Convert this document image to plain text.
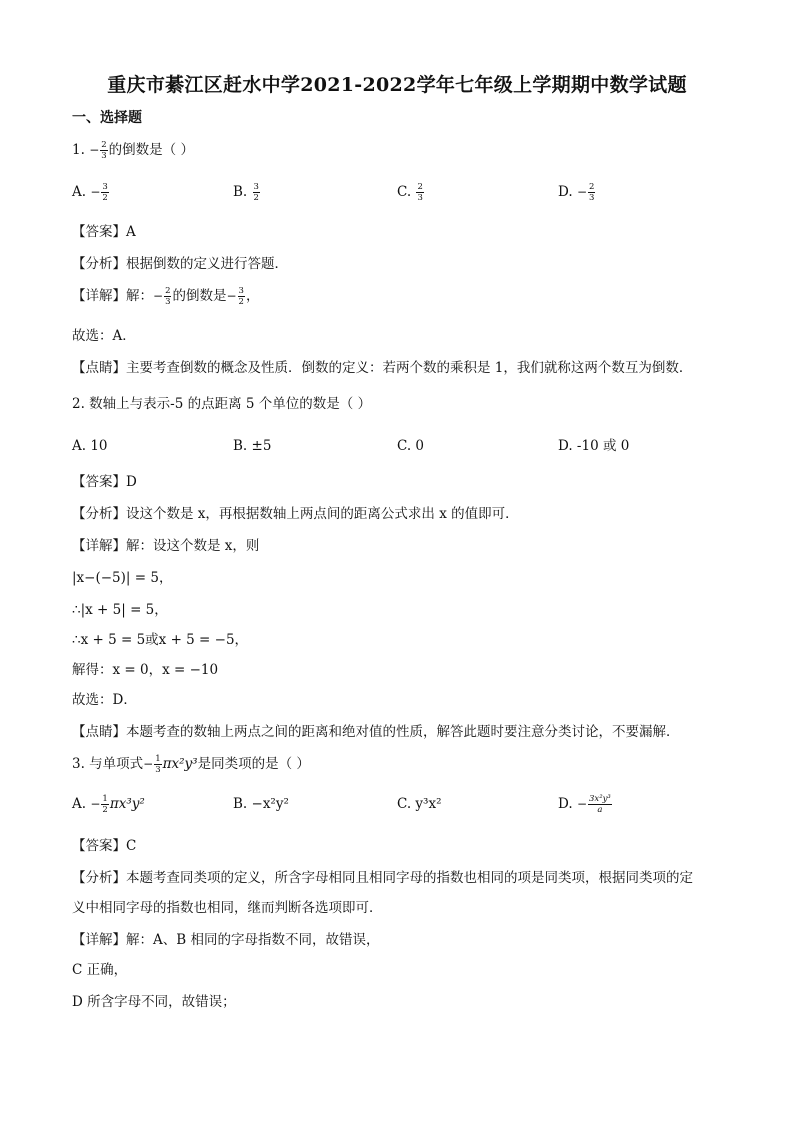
重庆市綦江区赶水中学2021-2022学年七年级上学期期中数学试题
一、选择题
1. − $\frac{2}{3}$ 的倒数是（ ）
A. − $\frac{3}{2}$	B. $\frac{3}{2}$	C. $\frac{2}{3}$	D. − $\frac{2}{3}$
【答案】A
【分析】根据倒数的定义进行答题．
【详解】解：− $\frac{2}{3}$ 的倒数是− $\frac{3}{2}$ ，
故选：A．
【点睛】主要考查倒数的概念及性质．倒数的定义：若两个数的乘积是 1，我们就称这两个数互为倒数．
2. 数轴上与表示-5 的点距离 5 个单位的数是（ ）
A. 10	B. ±5	C. 0	D. -10 或 0
【答案】D
【分析】设这个数是 x，再根据数轴上两点间的距离公式求出 x 的值即可．
【详解】解：设这个数是 x，则
|x−(−5)| = 5，
∴|x + 5| = 5，
∴x + 5 = 5或x + 5 = −5，
解得：x = 0，x = −10
故选：D．
【点睛】本题考查的数轴上两点之间的距离和绝对值的性质，解答此题时要注意分类讨论，不要漏解．
3. 与单项式− $\frac{1}{3} \pi x^2y^3$是同类项的是（ ）
A. − $\frac{1}{2} \pi x^3y^2$	B. −x²y²	C. y³x²	D. − $\frac{\text{3x²y³}}{a}$
【答案】C
【分析】本题考查同类项的定义，所含字母相同且相同字母的指数也相同的项是同类项，根据同类项的定
义中相同字母的指数也相同，继而判断各选项即可．
【详解】解：A、B 相同的字母指数不同，故错误，
C 正确，
D 所含字母不同，故错误；
